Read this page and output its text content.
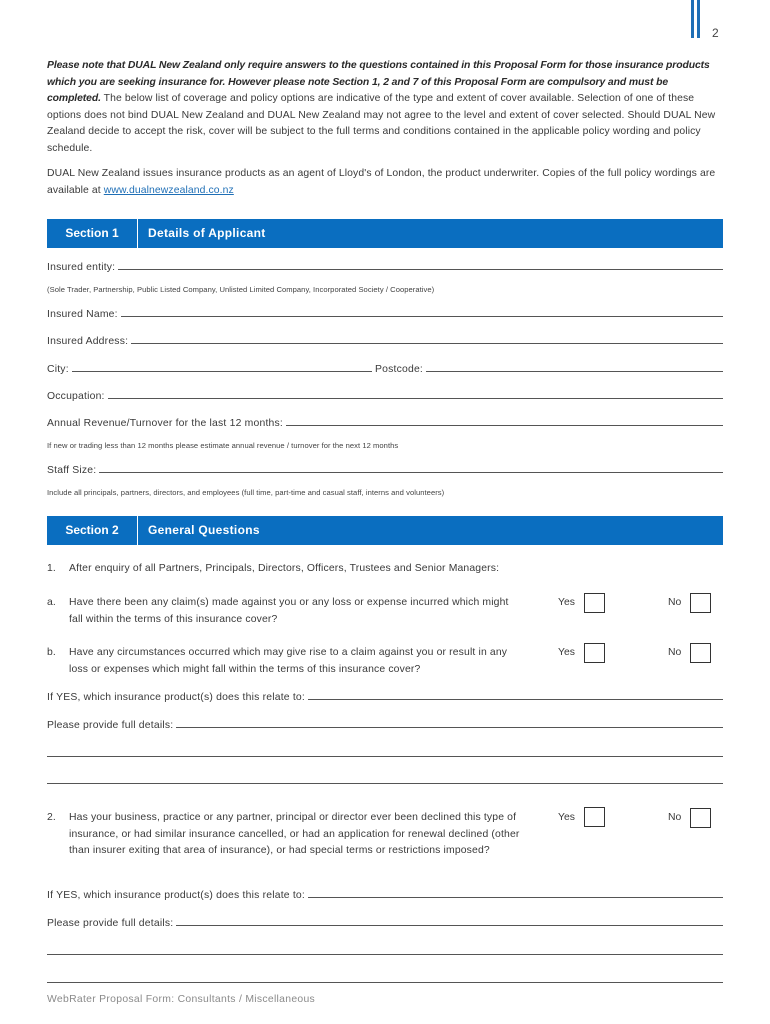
2

Please note that DUAL New Zealand only require answers to the questions contained in this Proposal Form for those insurance products which you are seeking insurance for. However please note Section 1, 2 and 7 of this Proposal Form are compulsory and must be completed. The below list of coverage and policy options are indicative of the type and extent of cover available. Selection of one of these options does not bind DUAL New Zealand and DUAL New Zealand may not agree to the level and extent of cover selected. Should DUAL New Zealand decide to accept the risk, cover will be subject to the full terms and conditions contained in the applicable policy wording and policy schedule.

DUAL New Zealand issues insurance products as an agent of Lloyd's of London, the product underwriter. Copies of the full policy wordings are available at www.dualnewzealand.co.nz

Section 1	Details of Applicant
Insured entity:
(Sole Trader, Partnership, Public Listed Company, Unlisted Limited Company, Incorporated Society / Cooperative)
Insured Name:
Insured Address:
City:	Postcode:
Occupation:
Annual Revenue/Turnover for the last 12 months:
If new or trading less than 12 months please estimate annual revenue / turnover for the next 12 months
Staff Size:
Include all principals, partners, directors, and employees (full time, part-time and casual staff, interns and volunteers)
Section 2	General Questions
1. After enquiry of all Partners, Principals, Directors, Officers, Trustees and Senior Managers:
a. Have there been any claim(s) made against you or any loss or expense incurred which might fall within the terms of this insurance cover?
Yes	No
b. Have any circumstances occurred which may give rise to a claim against you or result in any loss or expenses which might fall within the terms of this insurance cover?
Yes	No
If YES, which insurance product(s) does this relate to:
Please provide full details:
2. Has your business, practice or any partner, principal or director ever been declined this type of insurance, or had similar insurance cancelled, or had an application for renewal declined (other than insurer exiting that area of insurance), or had special terms or restrictions imposed?
Yes	No
If YES, which insurance product(s) does this relate to:
Please provide full details:
WebRater Proposal Form: Consultants / Miscellaneous
